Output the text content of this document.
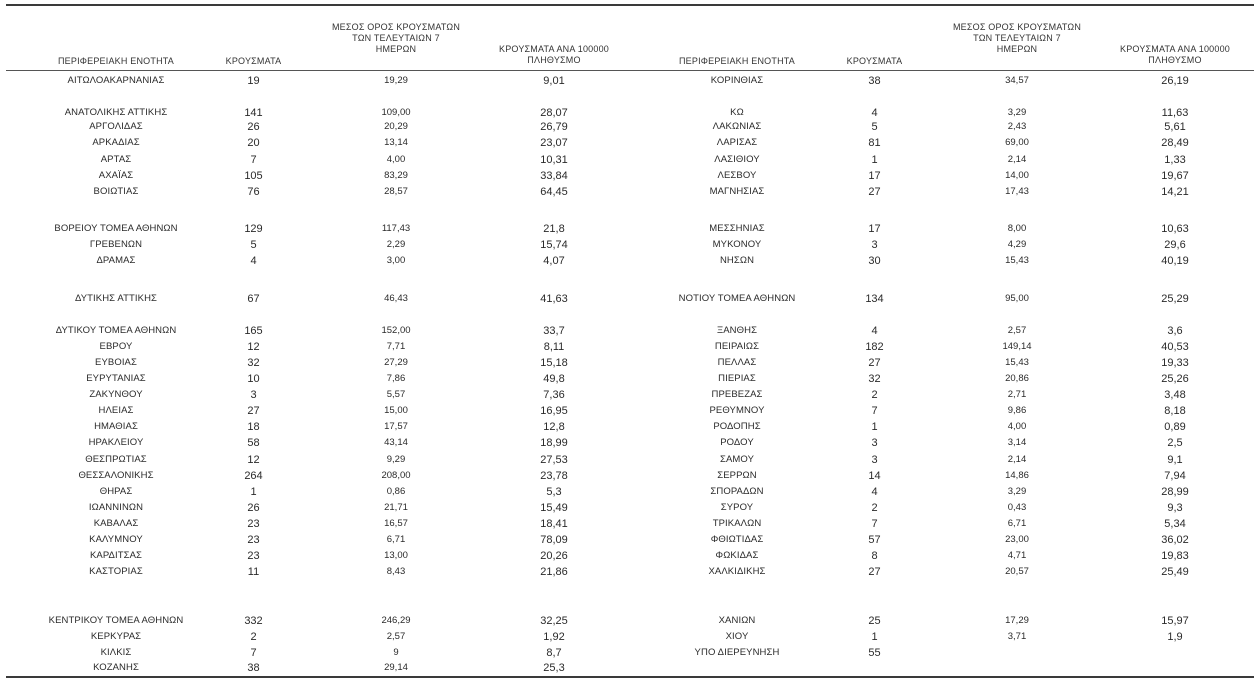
ΠΕΡΙΦΕΡΕΙΑΚΗ ΕΝΟΤΗΤΑ	ΚΡΟΥΣΜΑΤΑ
ΜΕΣΟΣ ΟΡΟΣ ΚΡΟΥΣΜΑΤΩΝ
ΤΩΝ ΤΕΛΕΥΤΑΙΩΝ 7
ΗΜΕΡΩΝ	ΚΡΟΥΣΜΑΤΑ ΑΝΑ 100000
ΠΛΗΘΥΣΜΟ
ΑΙΤΩΛΟΑΚΑΡΝΑΝΙΑΣ	19	19,29	9,01
ΑΝΑΤΟΛΙΚΗΣ ΑΤΤΙΚΗΣ	141	109,00	28,07
ΑΡΓΟΛΙΔΑΣ	26	20,29	26,79
ΑΡΚΑΔΙΑΣ	20	13,14	23,07
ΑΡΤΑΣ	7	4,00	10,31
ΑΧΑΪΑΣ	105	83,29	33,84
ΒΟΙΩΤΙΑΣ	76	28,57	64,45
ΒΟΡΕΙΟΥ ΤΟΜΕΑ ΑΘΗΝΩΝ	129	117,43	21,8
ΓΡΕΒΕΝΩΝ	5	2,29	15,74
ΔΡΑΜΑΣ	4	3,00	4,07
ΔΥΤΙΚΗΣ ΑΤΤΙΚΗΣ	67	46,43	41,63
ΔΥΤΙΚΟΥ ΤΟΜΕΑ ΑΘΗΝΩΝ	165	152,00	33,7
ΕΒΡΟΥ	12	7,71	8,11
ΕΥΒΟΙΑΣ	32	27,29	15,18
ΕΥΡΥΤΑΝΙΑΣ	10	7,86	49,8
ΖΑΚΥΝΘΟΥ	3	5,57	7,36
ΗΛΕΙΑΣ	27	15,00	16,95
ΗΜΑΘΙΑΣ	18	17,57	12,8
ΗΡΑΚΛΕΙΟΥ	58	43,14	18,99
ΘΕΣΠΡΩΤΙΑΣ	12	9,29	27,53
ΘΕΣΣΑΛΟΝΙΚΗΣ	264	208,00	23,78
ΘΗΡΑΣ	1	0,86	5,3
ΙΩΑΝΝΙΝΩΝ	26	21,71	15,49
ΚΑΒΑΛΑΣ	23	16,57	18,41
ΚΑΛΥΜΝΟΥ	23	6,71	78,09
ΚΑΡΔΙΤΣΑΣ	23	13,00	20,26
ΚΑΣΤΟΡΙΑΣ	11	8,43	21,86
ΚΕΝΤΡΙΚΟΥ ΤΟΜΕΑ ΑΘΗΝΩΝ	332	246,29	32,25
ΚΕΡΚΥΡΑΣ	2	2,57	1,92
ΚΙΛΚΙΣ	7	9	8,7
ΚΟΖΑΝΗΣ	38	29,14	25,3
ΠΕΡΙΦΕΡΕΙΑΚΗ ΕΝΟΤΗΤΑ	ΚΡΟΥΣΜΑΤΑ
ΜΕΣΟΣ ΟΡΟΣ ΚΡΟΥΣΜΑΤΩΝ
ΤΩΝ ΤΕΛΕΥΤΑΙΩΝ 7
ΗΜΕΡΩΝ	ΚΡΟΥΣΜΑΤΑ ΑΝΑ 100000
ΠΛΗΘΥΣΜΟ
ΚΟΡΙΝΘΙΑΣ	38	34,57	26,19
ΚΩ	4	3,29	11,63
ΛΑΚΩΝΙΑΣ	5	2,43	5,61
ΛΑΡΙΣΑΣ	81	69,00	28,49
ΛΑΣΙΘΙΟΥ	1	2,14	1,33
ΛΕΣΒΟΥ	17	14,00	19,67
ΜΑΓΝΗΣΙΑΣ	27	17,43	14,21
ΜΕΣΣΗΝΙΑΣ	17	8,00	10,63
ΜΥΚΟΝΟΥ	3	4,29	29,6
ΝΗΣΩΝ	30	15,43	40,19
ΝΟΤΙΟΥ ΤΟΜΕΑ ΑΘΗΝΩΝ	134	95,00	25,29
ΞΑΝΘΗΣ	4	2,57	3,6
ΠΕΙΡΑΙΩΣ	182	149,14	40,53
ΠΕΛΛΑΣ	27	15,43	19,33
ΠΙΕΡΙΑΣ	32	20,86	25,26
ΠΡΕΒΕΖΑΣ	2	2,71	3,48
ΡΕΘΥΜΝΟΥ	7	9,86	8,18
ΡΟΔΟΠΗΣ	1	4,00	0,89
ΡΟΔΟΥ	3	3,14	2,5
ΣΑΜΟΥ	3	2,14	9,1
ΣΕΡΡΩΝ	14	14,86	7,94
ΣΠΟΡΑΔΩΝ	4	3,29	28,99
ΣΥΡΟΥ	2	0,43	9,3
ΤΡΙΚΑΛΩΝ	7	6,71	5,34
ΦΘΙΩΤΙΔΑΣ	57	23,00	36,02
ΦΩΚΙΔΑΣ	8	4,71	19,83
ΧΑΛΚΙΔΙΚΗΣ	27	20,57	25,49
ΧΑΝΙΩΝ	25	17,29	15,97
ΧΙΟΥ	1	3,71	1,9
ΥΠΟ ΔΙΕΡΕΥΝΗΣΗ	55
